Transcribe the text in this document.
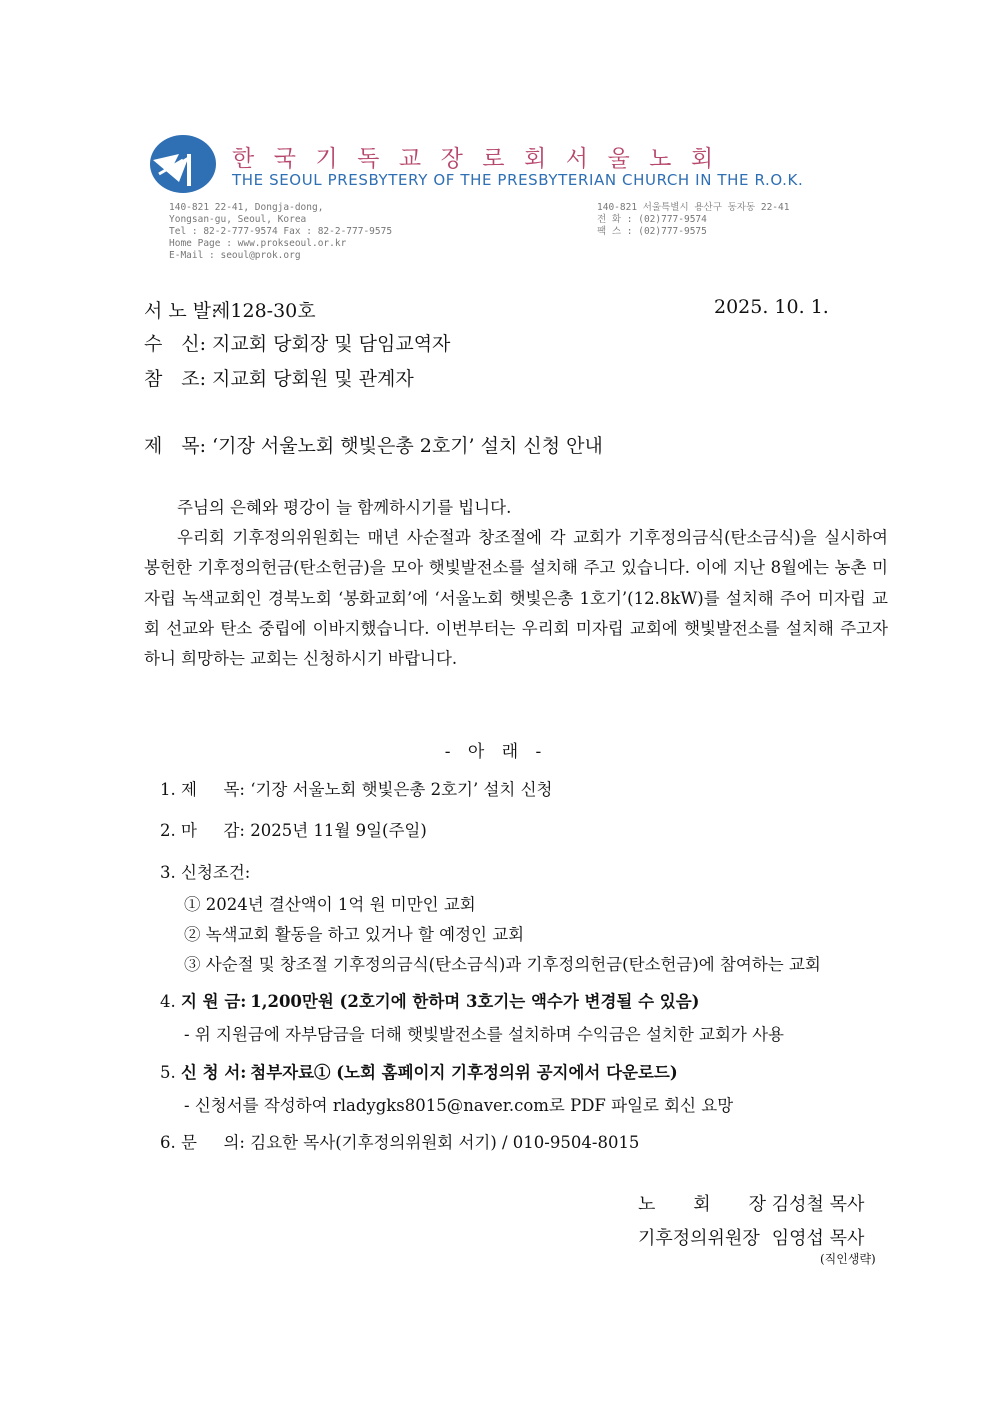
한국기독교장로회서울노회
THE SEOUL PRESBYTERY OF THE PRESBYTERIAN CHURCH IN THE R.O.K.
140-821 22-41, Dongja-dong,
Yongsan-gu, Seoul, Korea
Tel : 82-2-777-9574 Fax : 82-2-777-9575
Home Page : www.prokseoul.or.kr
E-Mail : seoul@prok.org
140-821 서울특별시 용산구 동자동 22-41
전 화 : (02)777-9574
팩 스 : (02)777-9575
서 노 발: 제128-30호	2025. 10. 1.
수 신: 지교회 당회장 및 담임교역자
참 조: 지교회 당회원 및 관계자
제 목: ‘기장 서울노회 햇빛은총 2호기’ 설치 신청 안내

주님의 은혜와 평강이 늘 함께하시기를 빕니다.

우리회 기후정의위원회는 매년 사순절과 창조절에 각 교회가 기후정의금식(탄소금식)을 실시하여 봉헌한 기후정의헌금(탄소헌금)을 모아 햇빛발전소를 설치해 주고 있습니다. 이에 지난 8월에는 농촌 미자립 녹색교회인 경북노회 ‘봉화교회’에 ‘서울노회 햇빛은총 1호기’(12.8kW)를 설치해 주어 미자립 교회 선교와 탄소 중립에 이바지했습니다. 이번부터는 우리회 미자립 교회에 햇빛발전소를 설치해 주고자 하니 희망하는 교회는 신청하시기 바랍니다.

- 아 래 -
1. 제 목: ‘기장 서울노회 햇빛은총 2호기’ 설치 신청
2. 마 감: 2025년 11월 9일(주일)
3. 신청조건:
① 2024년 결산액이 1억 원 미만인 교회
② 녹색교회 활동을 하고 있거나 할 예정인 교회
③ 사순절 및 창조절 기후정의금식(탄소금식)과 기후정의헌금(탄소헌금)에 참여하는 교회
4. 지 원 금: 1,200만원 (2호기에 한하며 3호기는 액수가 변경될 수 있음)
- 위 지원금에 자부담금을 더해 햇빛발전소를 설치하며 수익금은 설치한 교회가 사용
5. 신 청 서: 첨부자료① (노회 홈페이지 기후정의위 공지에서 다운로드)
- 신청서를 작성하여 rladygks8015@naver.com로 PDF 파일로 회신 요망
6. 문 의: 김요한 목사(기후정의위원회 서기) / 010-9504-8015
노 회 장 김성철 목사
기후정의위원장 임영섭 목사
(직인생략)
